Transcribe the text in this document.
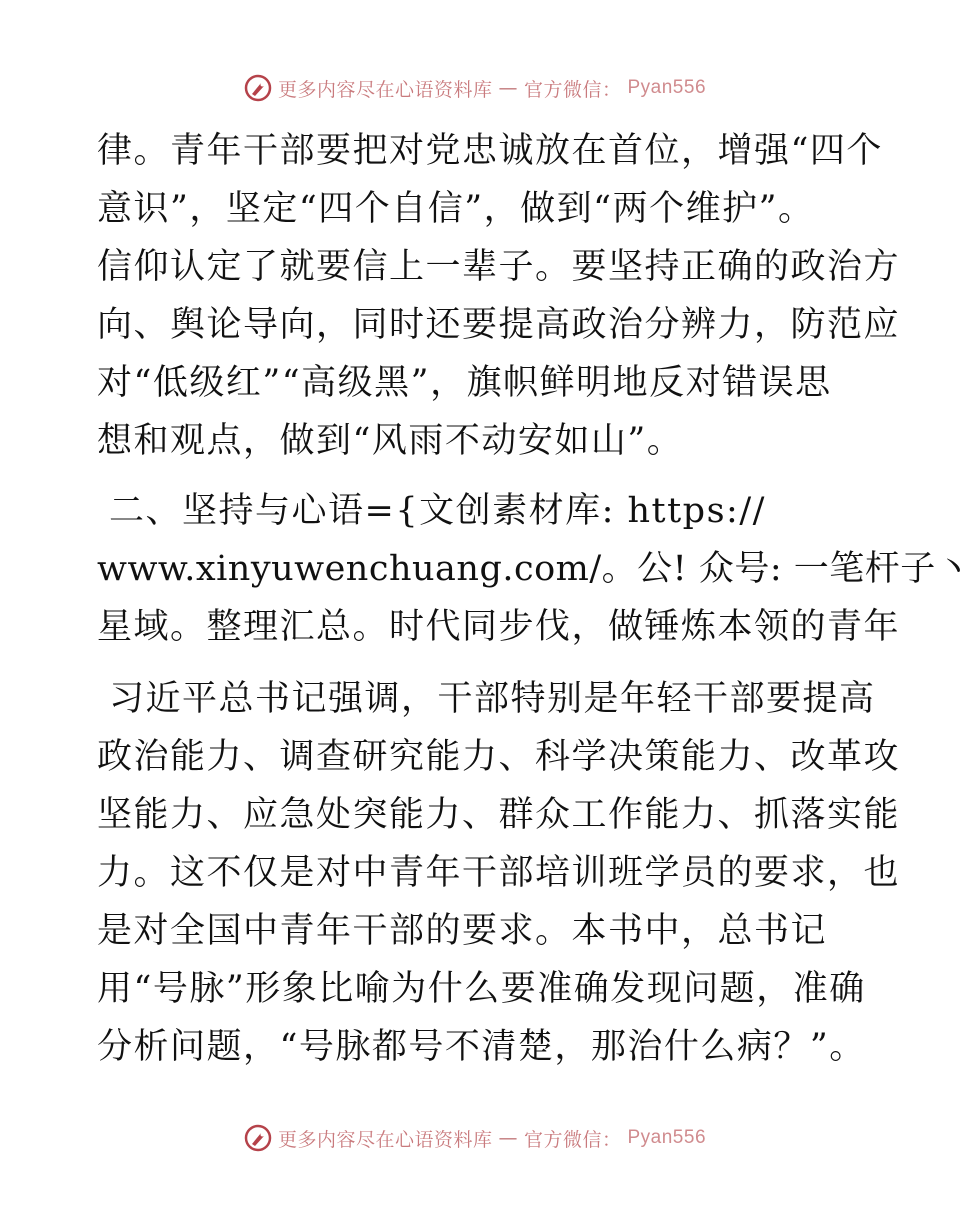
更多内容尽在心语资料库 — 官方微信： Pyan556
律。青年干部要把对党忠诚放在首位，增强“四个
意识”，坚定“四个自信”，做到“两个维护”。
信仰认定了就要信上一辈子。要坚持正确的政治方
向、舆论导向，同时还要提高政治分辨力，防范应
对“低级红”“高级黑”，旗帜鲜明地反对错误思
想和观点，做到“风雨不动安如山”。
二、坚持与心语={文创素材库: https://
www.xinyuwenchuang.com/。公! 众号: 一笔杆子丶
星域。整理汇总。时代同步伐，做锤炼本领的青年
习近平总书记强调，干部特别是年轻干部要提高
政治能力、调查研究能力、科学决策能力、改革攻
坚能力、应急处突能力、群众工作能力、抓落实能
力。这不仅是对中青年干部培训班学员的要求，也
是对全国中青年干部的要求。本书中，总书记
用“号脉”形象比喻为什么要准确发现问题，准确
分析问题，“号脉都号不清楚，那治什么病？”。
更多内容尽在心语资料库 — 官方微信： Pyan556
